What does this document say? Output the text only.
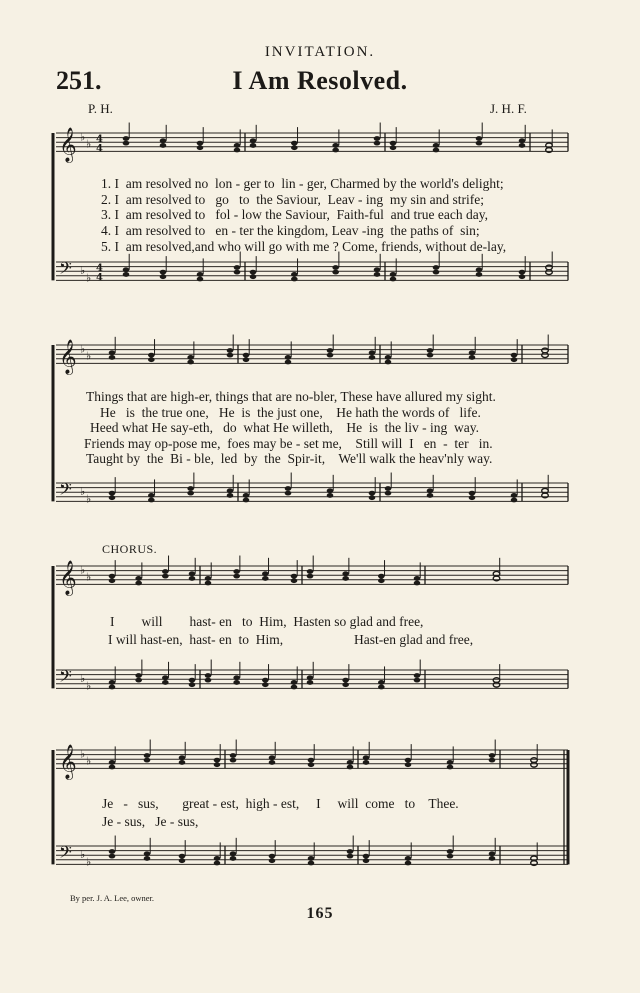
𝄞 ♭
♭ 4
4
𝄢 ♭
♭
4
4
𝄞 ♭
♭
𝄢 ♭
♭
𝄞 ♭
♭
𝄢 ♭
♭
𝄞 ♭
♭
𝄢 ♭
♭
INVITATION.
251.	I Am Resolved.
P. H.	J. H. F.
1. I  am resolved no  lon - ger to  lin - ger, Charmed by the world's delight;
2. I  am resolved to   go   to  the Saviour,  Leav - ing  my sin and strife;
3. I  am resolved to   fol - low the Saviour,  Faith-ful  and true each day,
4. I  am resolved to   en - ter the kingdom, Leav -ing  the paths of  sin;
5. I  am resolved,and who will go with me ? Come, friends, without de-lay,
Things that are high-er, things that are no-bler, These have allured my sight.
He   is  the true one,   He  is  the just one,    He hath the words of   life.
Heed what He say-eth,   do  what He willeth,    He  is  the liv - ing  way.
Friends may op-pose me,  foes may be - set me,    Still will  I   en  -  ter   in.
Taught by  the  Bi - ble,  led  by  the  Spir-it,    We'll walk the heav'nly way.
CHORUS.
I        will        hast- en   to  Him,  Hasten so glad and free,
I will hast-en,  hast- en  to  Him,                     Hast-en glad and free,
Je   -   sus,       great - est,  high - est,     I     will  come   to    Thee.
Je - sus,   Je - sus,
By per. J. A. Lee, owner.
165
